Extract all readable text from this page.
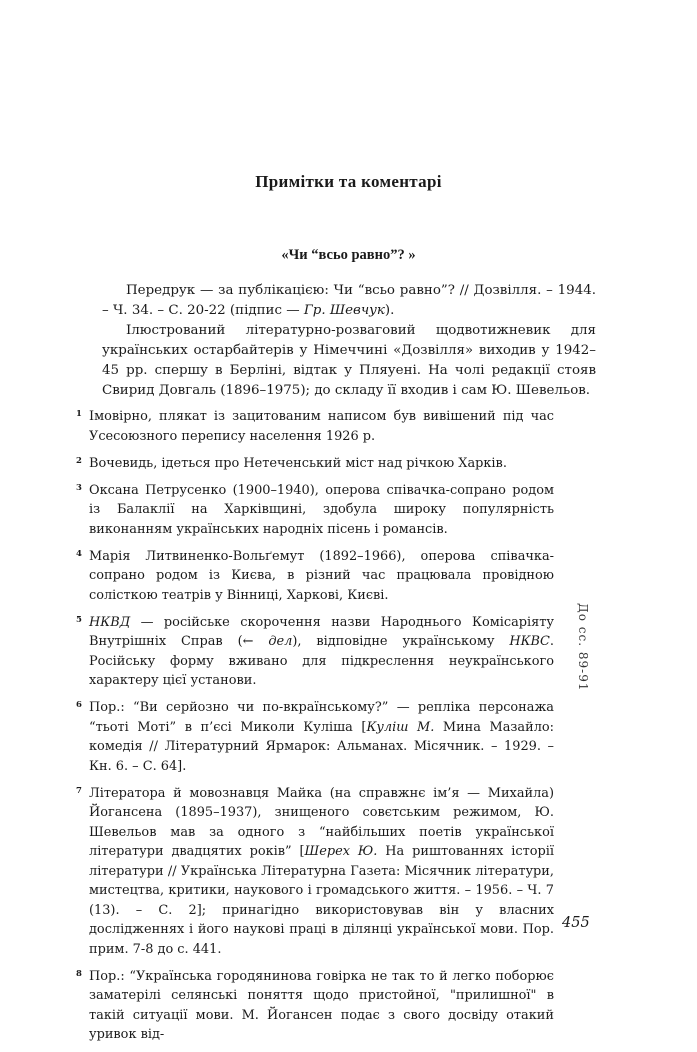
Примітки та коментарі
«Чи “всьо равно”? »

Передрук — за публікацією: Чи “всьо равно”? // Дозвілля. – 1944. – Ч. 34. – С. 20-22 (підпис — Гр. Шевчук).

Ілюстрований літературно-розваговий щодвотижневик для українських остарбайтерів у Німеччині «Дозвілля» виходив у 1942–45 рр. спершу в Берліні, відтак у Пляуені. На чолі редакції стояв Свирид Довгаль (1896–1975); до складу її входив і сам Ю. Шевельов.

1 Імовірно, плякат із зацитованим написом був вивішений під час Усесоюзного перепису населення 1926 р.
2 Вочевидь, ідеться про Нетеченський міст над річкою Харків.
3 Оксана Петрусенко (1900–1940), оперова співачка-сопрано родом із Балаклії на Харківщині, здобула широку популярність виконанням українських народніх пісень і романсів.
4 Марія Литвиненко-Вольґемут (1892–1966), оперова співачка-сопрано родом із Києва, в різний час працювала провідною солісткою театрів у Вінниці, Харкові, Києві.
5 НКВД — російське скорочення назви Народнього Комісаріяту Внутрішніх Справ (← дел), відповідне українському НКВС. Російську форму вживано для підкреслення неукраїнського характеру цієї установи.
6 Пор.: “Ви серйозно чи по-вкраїнському?” — репліка персонажа “тьоті Моті” в п’єсі Миколи Куліша [Куліш М. Мина Мазайло: комедія // Літературний Ярмарок: Альманах. Місячник. – 1929. – Кн. 6. – С. 64].
7 Літератора й мовознавця Майка (на справжнє ім’я — Михайла) Йогансена (1895–1937), знищеного совєтським режимом, Ю. Шевельов мав за одного з “найбільших поетів української літератури двадцятих років” [Шерех Ю. На риштованнях історії літератури // Українська Літературна Газета: Місячник літератури, мистецтва, критики, наукового і громадського життя. – 1956. – Ч. 7 (13). – С. 2]; принагідно використовував він у власних дослідженнях і його наукові праці в ділянці української мови. Пор. прим. 7-8 до с. 441.
8 Пор.: “Українська городянинова говірка не так то й легко поборює заматерілі селянські поняття щодо пристойної, "прилишної" в такій ситуації мови. М. Йогансен подає з свого досвіду отакий уривок від-
До сс. 89-91
455
